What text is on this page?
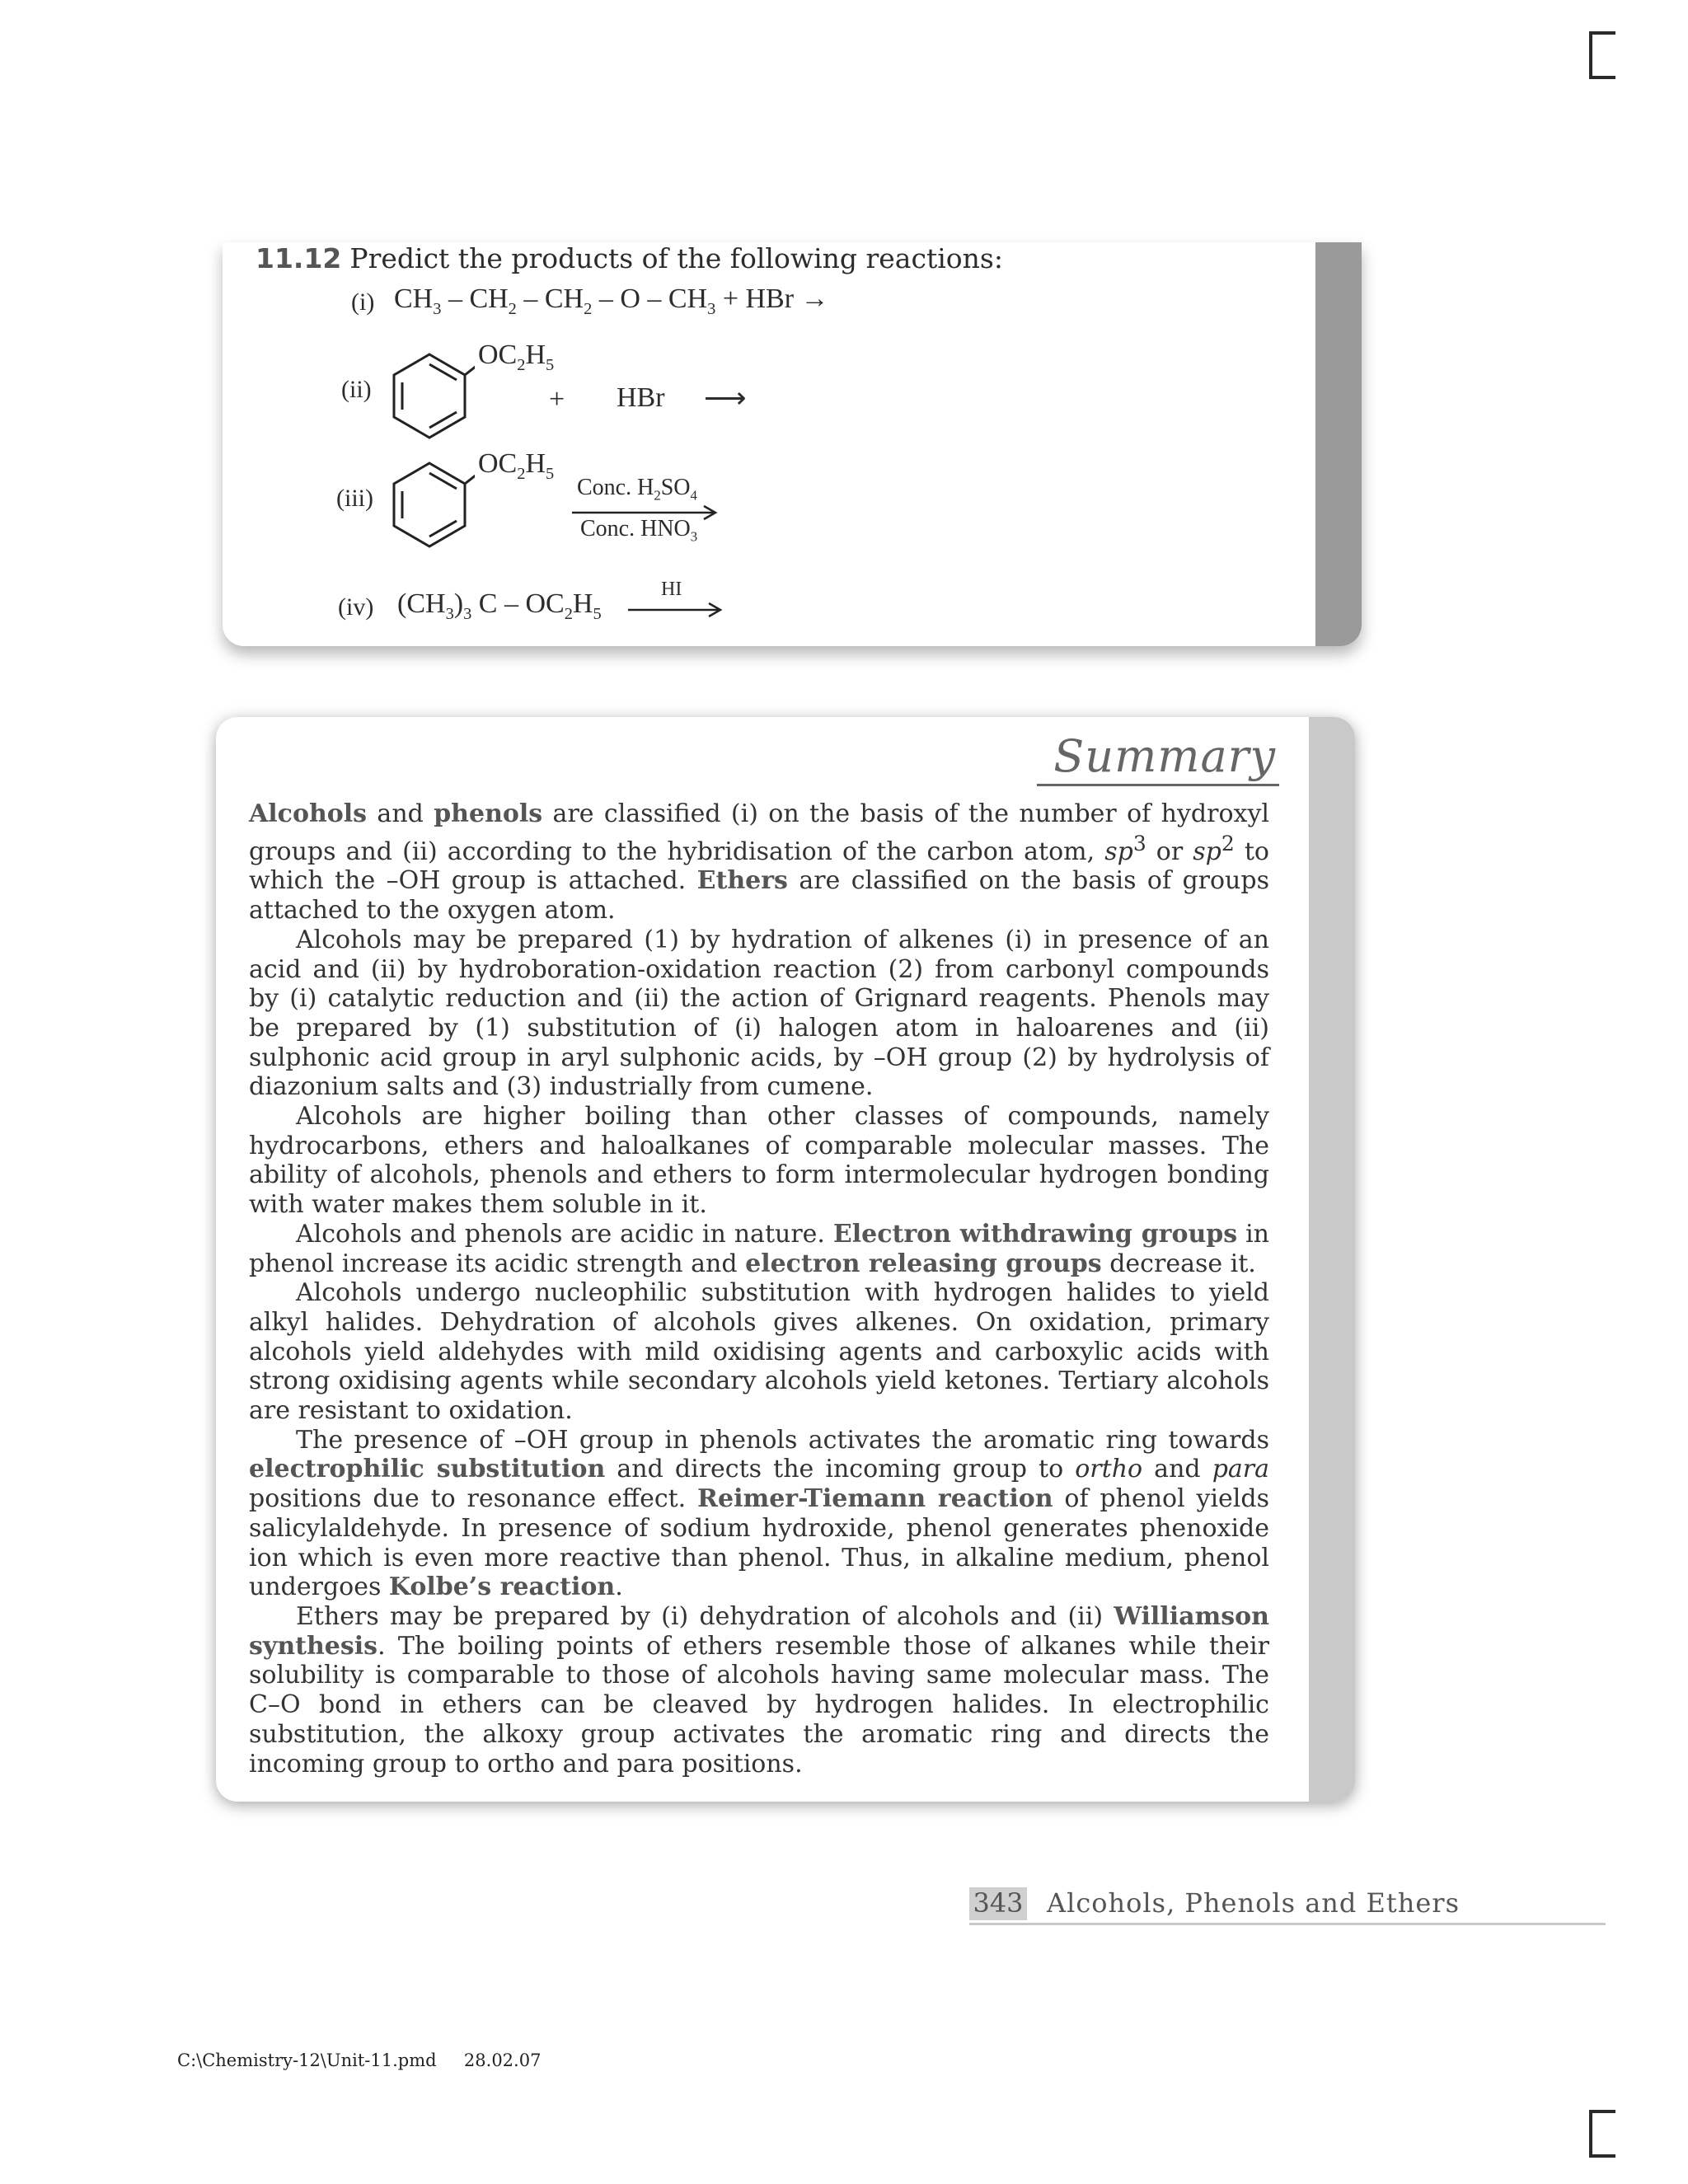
11.12 Predict the products of the following reactions:
(i) $CH_3 - CH_2 - CH_2$ – O – $CH_3$ + HBr →
(ii)
$OC_2H_5$
+ HBr ⟶
(iii)
$OC_2H_5$
Conc. $H_2SO_4$
Conc. $HNO_3$
(iv) $(CH_3)_3$ C – $OC_2H_5$
HI
Summary

Alcohols and phenols are classified (i) on the basis of the number of hydroxyl groups and (ii) according to the hybridisation of the carbon atom, $sp^3$ or $sp^2$ to which the –OH group is attached. Ethers are classified on the basis of groups attached to the oxygen atom.

Alcohols may be prepared (1) by hydration of alkenes (i) in presence of an acid and (ii) by hydroboration-oxidation reaction (2) from carbonyl compounds by (i) catalytic reduction and (ii) the action of Grignard reagents. Phenols may be prepared by (1) substitution of (i) halogen atom in haloarenes and (ii) sulphonic acid group in aryl sulphonic acids, by –OH group (2) by hydrolysis of diazonium salts and (3) industrially from cumene.

Alcohols are higher boiling than other classes of compounds, namely hydrocarbons, ethers and haloalkanes of comparable molecular masses. The ability of alcohols, phenols and ethers to form intermolecular hydrogen bonding with water makes them soluble in it.

Alcohols and phenols are acidic in nature. Electron withdrawing groups in phenol increase its acidic strength and electron releasing groups decrease it.

Alcohols undergo nucleophilic substitution with hydrogen halides to yield alkyl halides. Dehydration of alcohols gives alkenes. On oxidation, primary alcohols yield aldehydes with mild oxidising agents and carboxylic acids with strong oxidising agents while secondary alcohols yield ketones. Tertiary alcohols are resistant to oxidation.

The presence of –OH group in phenols activates the aromatic ring towards electrophilic substitution and directs the incoming group to ortho and para positions due to resonance effect. Reimer-Tiemann reaction of phenol yields salicylaldehyde. In presence of sodium hydroxide, phenol generates phenoxide ion which is even more reactive than phenol. Thus, in alkaline medium, phenol undergoes Kolbe’s reaction.

Ethers may be prepared by (i) dehydration of alcohols and (ii) Williamson synthesis. The boiling points of ethers resemble those of alkanes while their solubility is comparable to those of alcohols having same molecular mass. The C–O bond in ethers can be cleaved by hydrogen halides. In electrophilic substitution, the alkoxy group activates the aromatic ring and directs the incoming group to ortho and para positions.

343 Alcohols, Phenols and Ethers
C:\Chemistry-12\Unit-11.pmd     28.02.07
